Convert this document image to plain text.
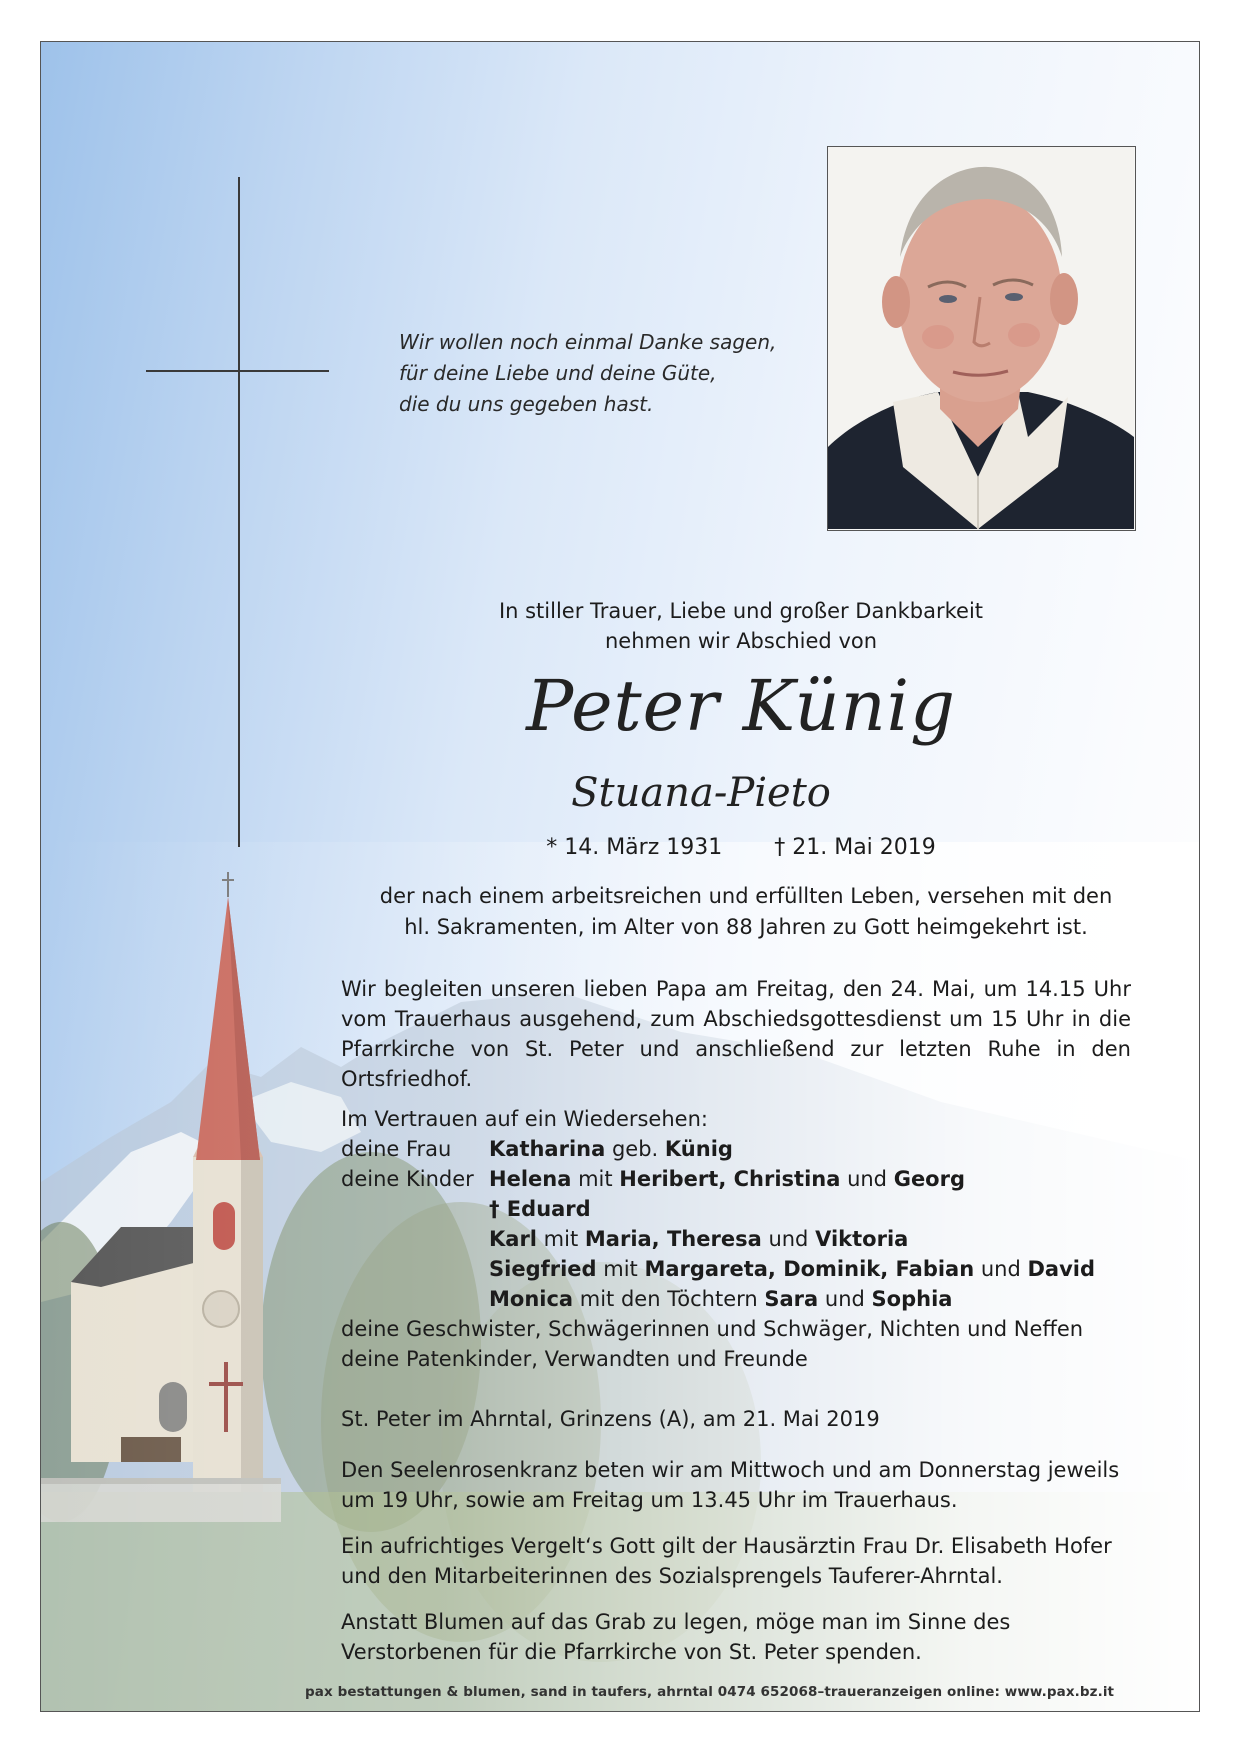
Wir wollen noch einmal Danke sagen,
für deine Liebe und deine Güte,
die du uns gegeben hast.
In stiller Trauer, Liebe und großer Dankbarkeit
nehmen wir Abschied von
Peter Künig
Stuana-Pieto
* 14. März 1931 † 21. Mai 2019
der nach einem arbeitsreichen und erfüllten Leben, versehen mit den
hl. Sakramenten, im Alter von 88 Jahren zu Gott heimgekehrt ist.
Wir begleiten unseren lieben Papa am Freitag, den 24. Mai, um 14.15 Uhr vom Trauerhaus ausgehend, zum Abschiedsgottesdienst um 15 Uhr in die Pfarrkirche von St. Peter und anschließend zur letzten Ruhe in den Ortsfriedhof.
Im Vertrauen auf ein Wiedersehen:
deine Frau	Katharina geb. Künig
deine Kinder Helena mit Heribert, Christina und Georg
† Eduard
Karl mit Maria, Theresa und Viktoria
Siegfried mit Margareta, Dominik, Fabian und David
Monica mit den Töchtern Sara und Sophia
deine Geschwister, Schwägerinnen und Schwäger, Nichten und Neffen
deine Patenkinder, Verwandten und Freunde
St. Peter im Ahrntal, Grinzens (A), am 21. Mai 2019
Den Seelenrosenkranz beten wir am Mittwoch und am Donnerstag jeweils um 19 Uhr, sowie am Freitag um 13.45 Uhr im Trauerhaus.
Ein aufrichtiges Vergelt‘s Gott gilt der Hausärztin Frau Dr. Elisabeth Hofer und den Mitarbeiterinnen des Sozialsprengels Tauferer-Ahrntal.
Anstatt Blumen auf das Grab zu legen, möge man im Sinne des Verstorbenen für die Pfarrkirche von St. Peter spenden.
pax bestattungen & blumen, sand in taufers, ahrntal 0474 652068–traueranzeigen online: www.pax.bz.it
